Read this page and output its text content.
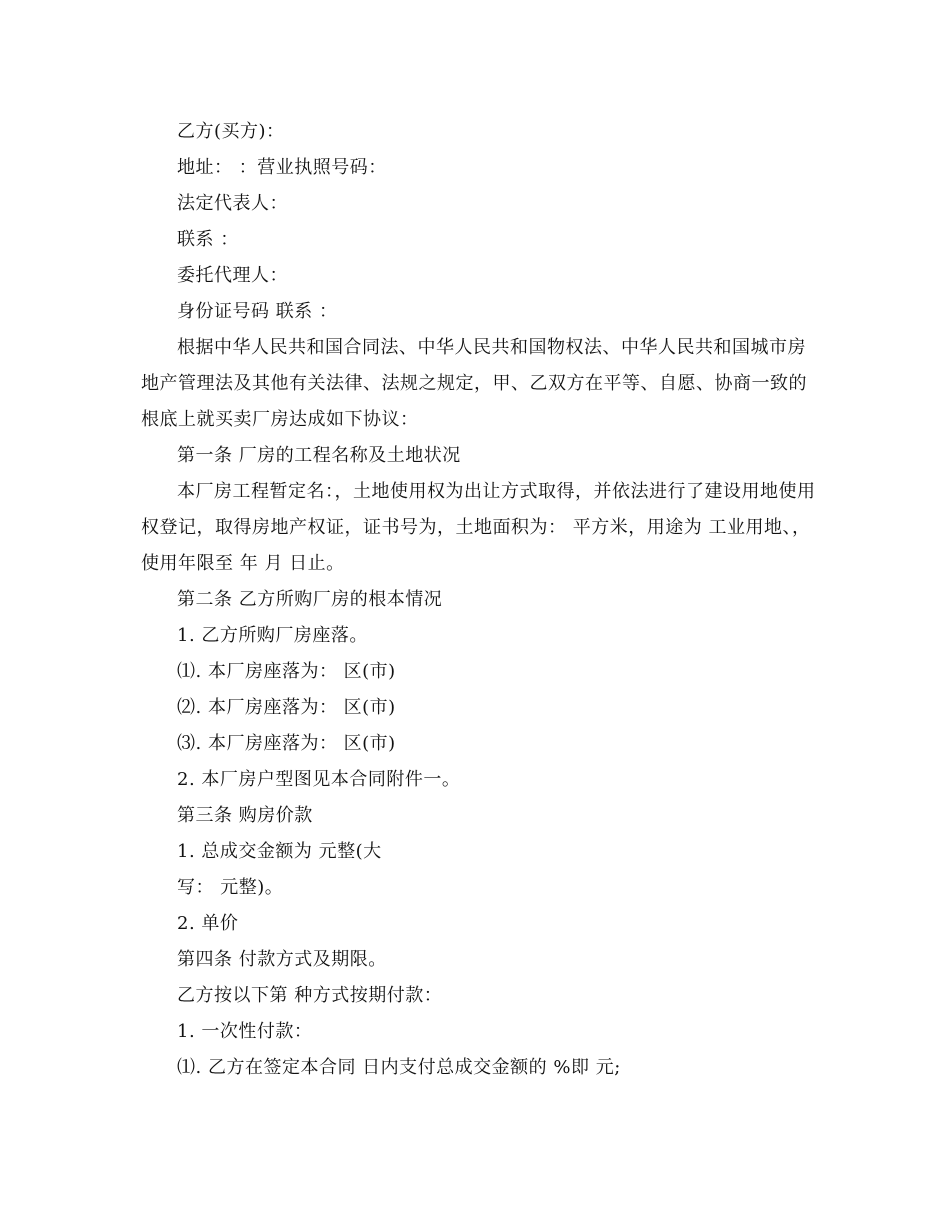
乙方(买方)：
地址： ：营业执照号码：
法定代表人：
联系 ：
委托代理人：
身份证号码 联系 ：
根据中华人民共和国合同法、中华人民共和国物权法、中华人民共和国城市房地产管理法及其他有关法律、法规之规定，甲、乙双方在平等、自愿、协商一致的根底上就买卖厂房达成如下协议：
第一条 厂房的工程名称及土地状况
本厂房工程暂定名：，土地使用权为出让方式取得，并依法进行了建设用地使用权登记，取得房地产权证，证书号为，土地面积为： 平方米，用途为 工业用地、，使用年限至 年 月 日止。
第二条 乙方所购厂房的根本情况
1. 乙方所购厂房座落。
⑴. 本厂房座落为： 区(市)
⑵. 本厂房座落为： 区(市)
⑶. 本厂房座落为： 区(市)
2. 本厂房户型图见本合同附件一。
第三条 购房价款
1. 总成交金额为 元整(大
写： 元整)。
2. 单价
第四条 付款方式及期限。
乙方按以下第 种方式按期付款：
1. 一次性付款：
⑴. 乙方在签定本合同 日内支付总成交金额的 %即 元;
